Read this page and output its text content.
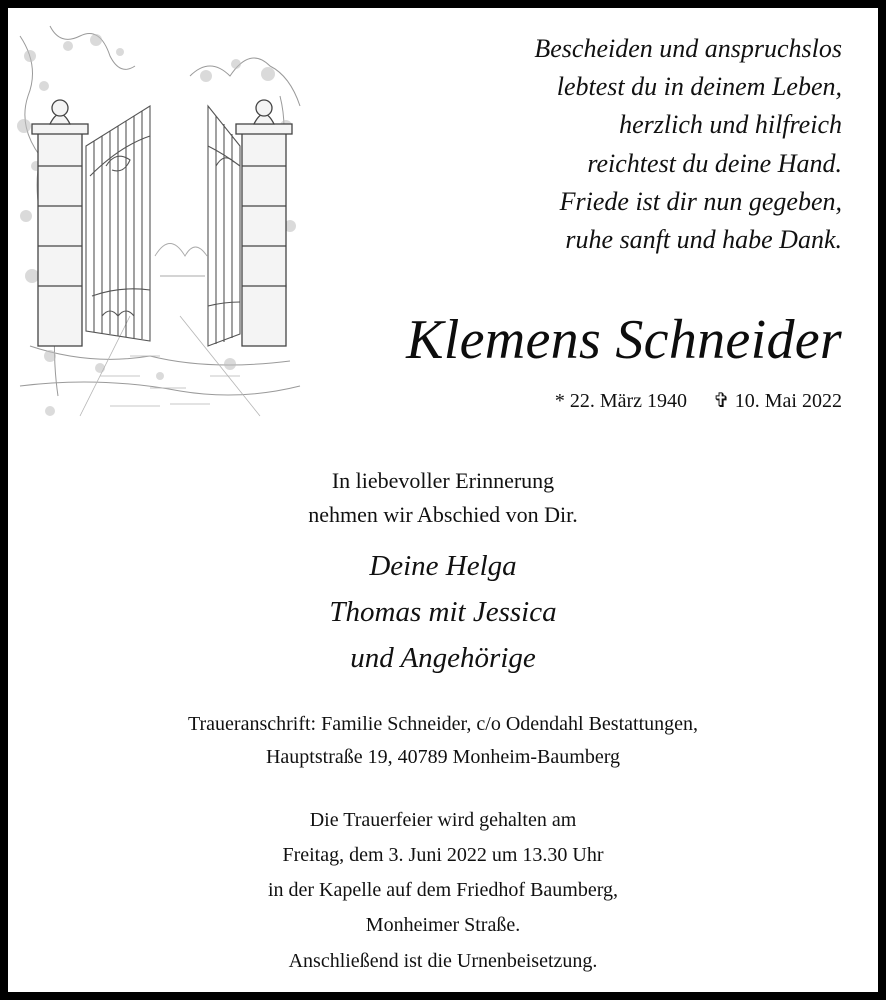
Bescheiden und anspruchslos
lebtest du in deinem Leben,
herzlich und hilfreich
reichtest du deine Hand.
Friede ist dir nun gegeben,
ruhe sanft und habe Dank.
Klemens Schneider
* 22. März 1940 ✞ 10. Mai 2022
In liebevoller Erinnerung
nehmen wir Abschied von Dir.
Deine Helga
Thomas mit Jessica
und Angehörige
Traueranschrift: Familie Schneider, c/o Odendahl Bestattungen,
Hauptstraße 19, 40789 Monheim-Baumberg
Die Trauerfeier wird gehalten am
Freitag, dem 3. Juni 2022 um 13.30 Uhr
in der Kapelle auf dem Friedhof Baumberg,
Monheimer Straße.
Anschließend ist die Urnenbeisetzung.
